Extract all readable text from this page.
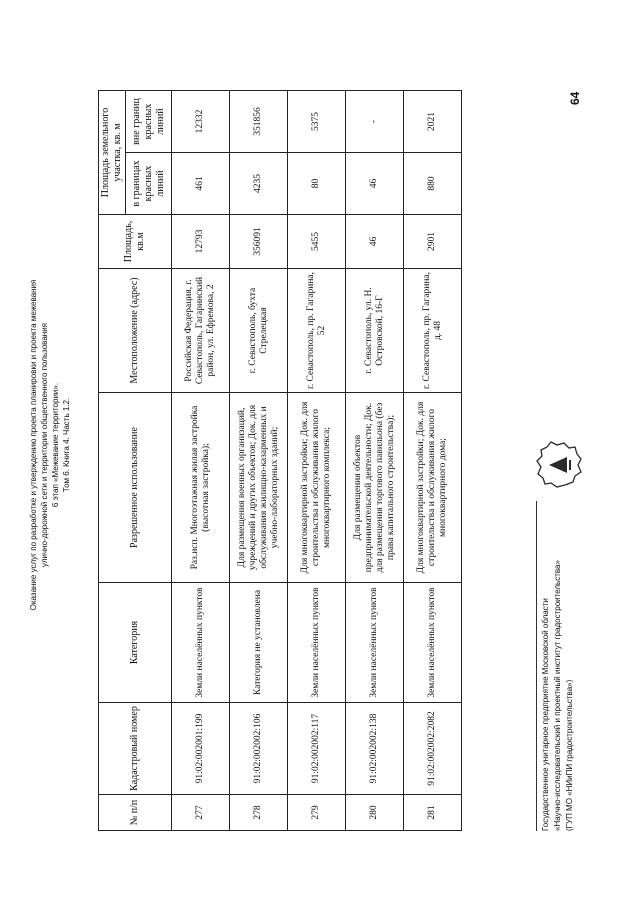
Оказание услуг по разработке и утверждению проекта планировки и проекта межевания улично-дорожной сети и территории общественного пользования 6 этап «Межевание территории». Том 6. Книга 4. Часть 1.2.
64
№ п/п	Кадастровый номер	Категория	Разрешенное использование	Местоположение (адрес)	Площадь, кв.м	Площадь земельного участка, кв. м	
						в границах красных линий	вне границ красных линий
277	91:02:002001:199	Земли населённых пунктов	Раз.исп. Многоэтажная жилая застройка (высотная застройка);	Российская Федерация, г. Севастополь, Гагаринский район, ул. Ефремова, 2	12793	461	12332
278	91:02:002002:106	Категория не установлена	Для размещения военных организаций, учреждений и других объектов; Док. для обслуживания жилищно-казарменных и учебно-лабораторных зданий;	г. Севастополь, бухта Стрелецкая	356091	4235	351856
279	91:02:002002:117	Земли населённых пунктов	Для многоквартирной застройки; Док. для строительства и обслуживания жилого многоквартирного комплекса;	г. Севастополь, пр. Гагарина, 52	5455	80	5375
280	91:02:002002:138	Земли населённых пунктов	Для размещения объектов предпринимательской деятельности; Док. для размещения торгового павильона (без права капитального строительства);	г. Севастополь, ул. Н. Островской, 16-Г	46	46	-
281	91:02:002002:2082	Земли населённых пунктов	Для многоквартирной застройки; Док. для строительства и обслуживания жилого многоквартирного дома;	г. Севастополь, пр. Гагарина, д. 48	2901	880	2021
Государственное унитарное предприятие Московской области «Научно-исследовательский и проектный институт градостроительства» (ГУП МО «НИиПИ градостроительства»)
